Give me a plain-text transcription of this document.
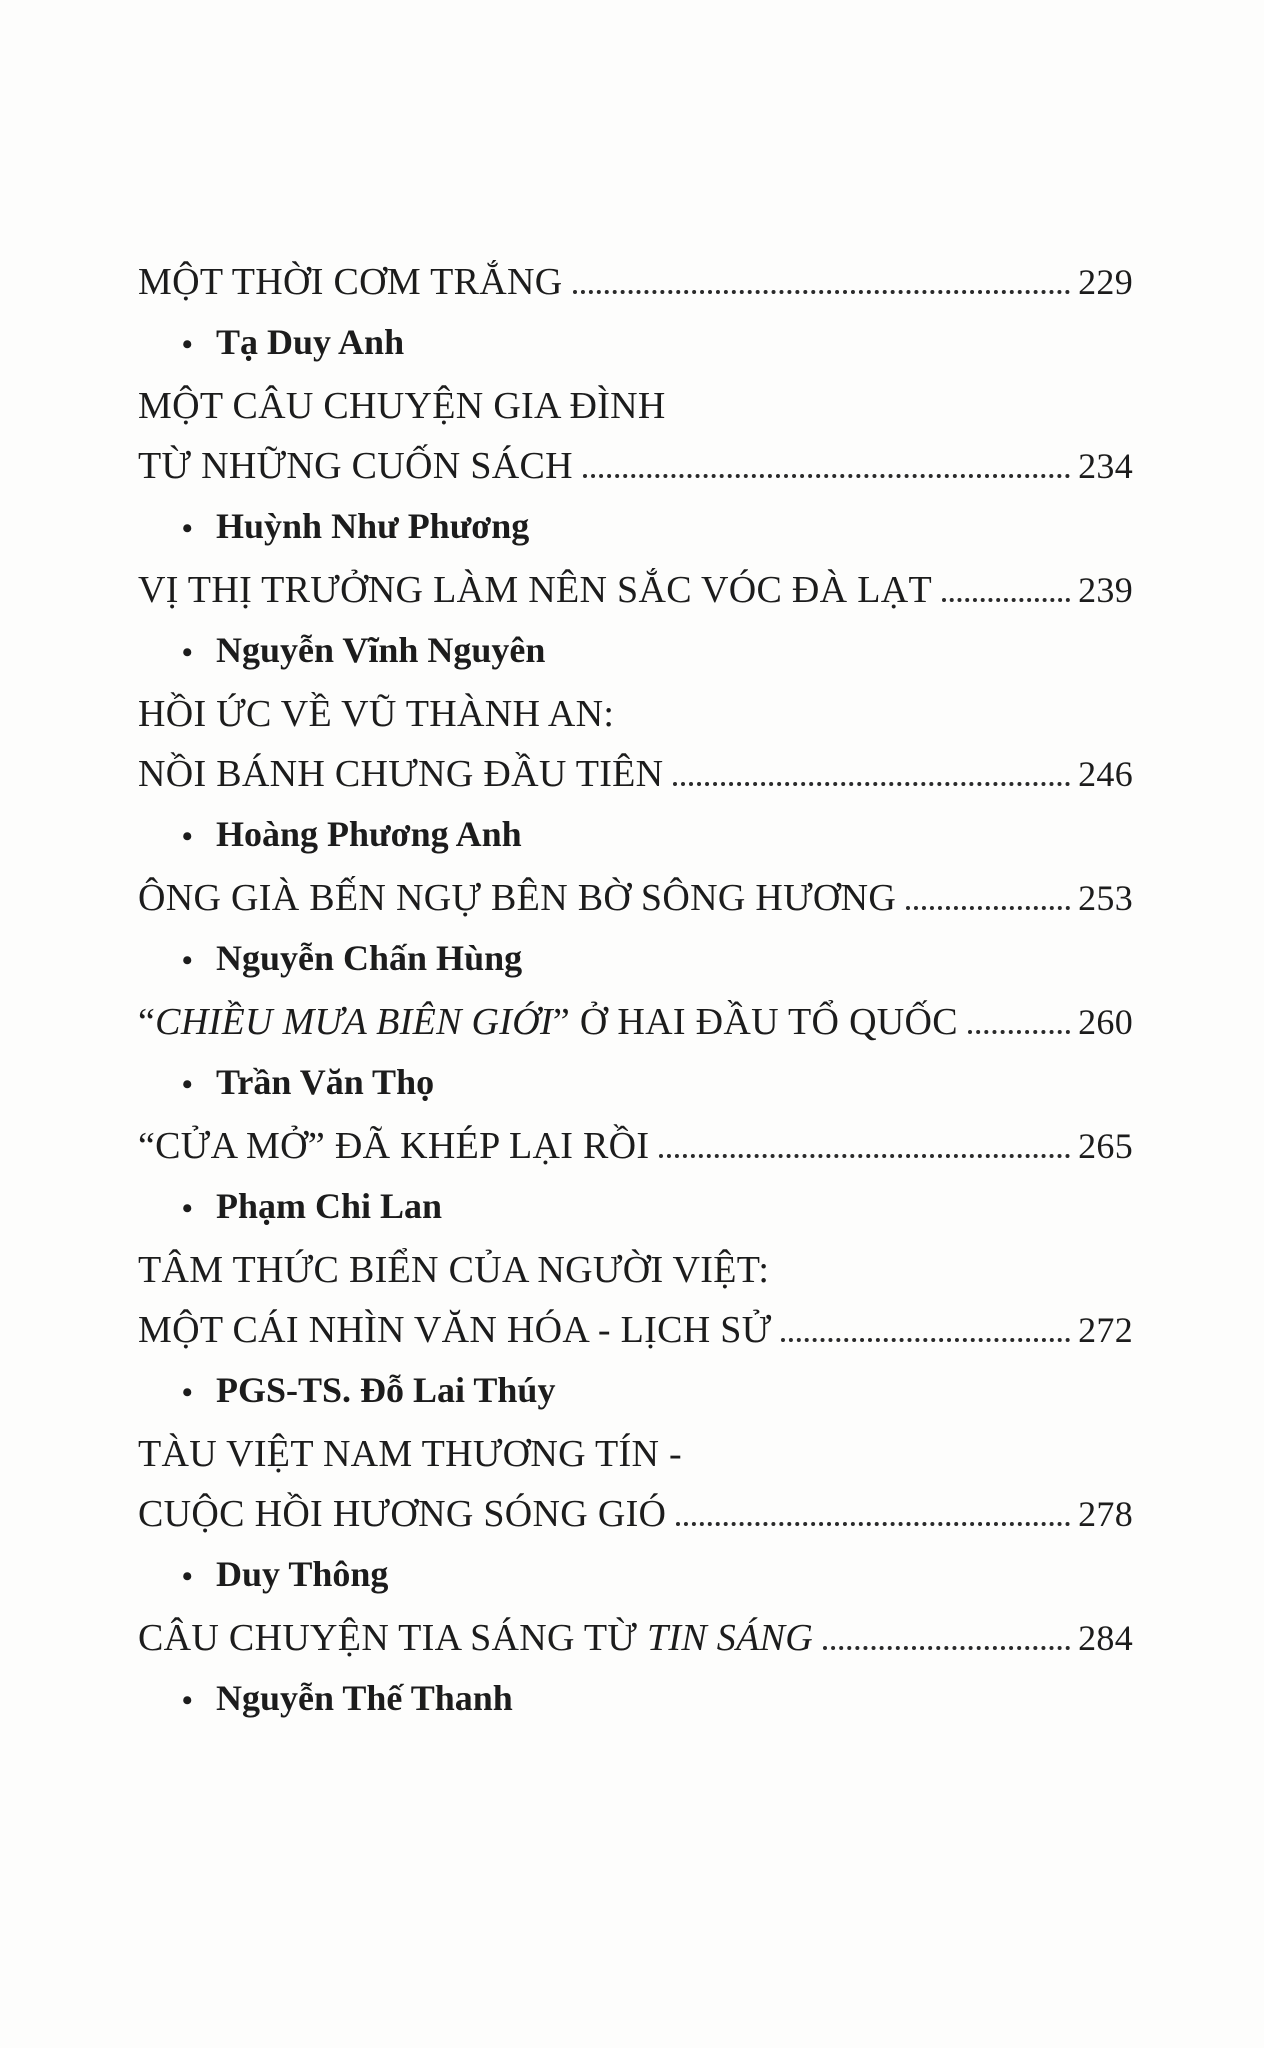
MỘT THỜI CƠM TRẮNG	229
• Tạ Duy Anh
MỘT CÂU CHUYỆN GIA ĐÌNH
TỪ NHỮNG CUỐN SÁCH	234
• Huỳnh Như Phương
VỊ THỊ TRƯỞNG LÀM NÊN SẮC VÓC ĐÀ LẠT	239
• Nguyễn Vĩnh Nguyên
HỒI ỨC VỀ VŨ THÀNH AN:
NỒI BÁNH CHƯNG ĐẦU TIÊN	246
• Hoàng Phương Anh
ÔNG GIÀ BẾN NGỰ BÊN BỜ SÔNG HƯƠNG	253
• Nguyễn Chấn Hùng
“CHIỀU MƯA BIÊN GIỚI” Ở HAI ĐẦU TỔ QUỐC	260
• Trần Văn Thọ
“CỬA MỞ” ĐÃ KHÉP LẠI RỒI	265
• Phạm Chi Lan
TÂM THỨC BIỂN CỦA NGƯỜI VIỆT:
MỘT CÁI NHÌN VĂN HÓA - LỊCH SỬ	272
• PGS-TS. Đỗ Lai Thúy
TÀU VIỆT NAM THƯƠNG TÍN -
CUỘC HỒI HƯƠNG SÓNG GIÓ	278
• Duy Thông
CÂU CHUYỆN TIA SÁNG TỪ TIN SÁNG	284
• Nguyễn Thế Thanh
